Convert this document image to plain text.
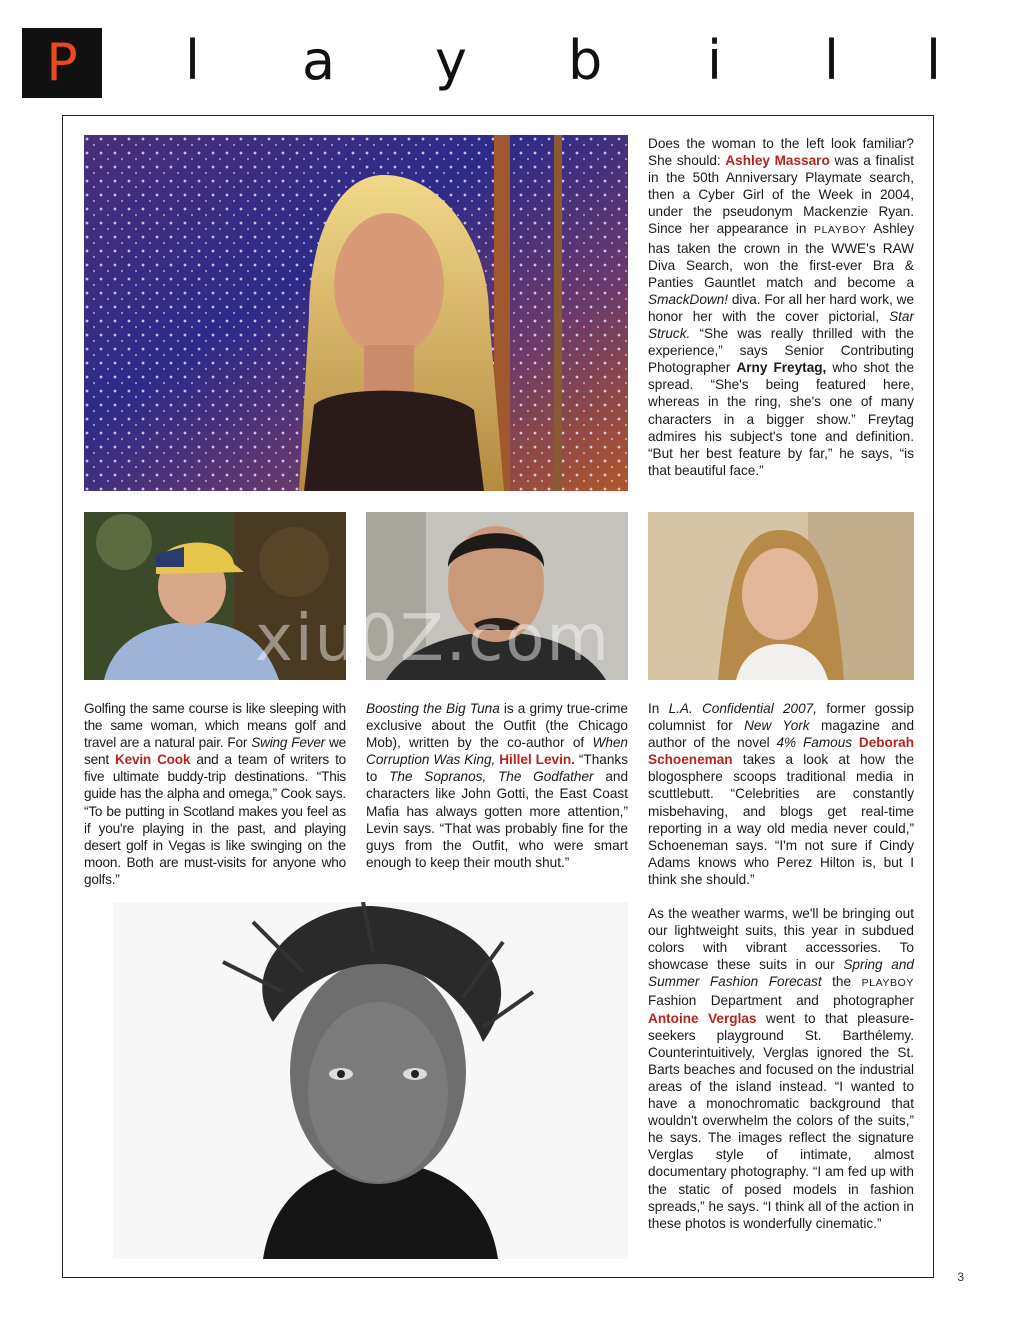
P l a y b i l l
Does the woman to the left look familiar? She should: Ashley Massaro was a finalist in the 50th Anniversary Playmate search, then a Cyber Girl of the Week in 2004, under the pseudonym Mackenzie Ryan. Since her appearance in PLAYBOY Ashley has taken the crown in the WWE's RAW Diva Search, won the first-ever Bra & Panties Gauntlet match and become a SmackDown! diva. For all her hard work, we honor her with the cover pictorial, Star Struck. “She was really thrilled with the experience,” says Senior Contributing Photographer Arny Freytag, who shot the spread. “She's being featured here, whereas in the ring, she's one of many characters in a bigger show.” Freytag admires his subject's tone and definition. “But her best feature by far,” he says, “is that beautiful face.”
xiu0Z.com
Golfing the same course is like sleeping with the same woman, which means golf and travel are a natural pair. For Swing Fever we sent Kevin Cook and a team of writers to five ultimate buddy-trip destinations. “This guide has the alpha and omega,” Cook says. “To be putting in Scotland makes you feel as if you're playing in the past, and playing desert golf in Vegas is like swinging on the moon. Both are must-visits for anyone who golfs.”
Boosting the Big Tuna is a grimy true-crime exclusive about the Outfit (the Chicago Mob), written by the co-author of When Corruption Was King, Hillel Levin. “Thanks to The Sopranos, The Godfather and characters like John Gotti, the East Coast Mafia has always gotten more attention,” Levin says. “That was probably fine for the guys from the Outfit, who were smart enough to keep their mouth shut.”
In L.A. Confidential 2007, former gossip columnist for New York magazine and author of the novel 4% Famous Deborah Schoeneman takes a look at how the blogosphere scoops traditional media in scuttlebutt. “Celebrities are constantly misbehaving, and blogs get real-time reporting in a way old media never could,” Schoeneman says. “I'm not sure if Cindy Adams knows who Perez Hilton is, but I think she should.”
As the weather warms, we'll be bringing out our lightweight suits, this year in subdued colors with vibrant accessories. To showcase these suits in our Spring and Summer Fashion Forecast the PLAYBOY Fashion Department and photographer Antoine Verglas went to that pleasure-seekers playground St. Barthélemy. Counterintuitively, Verglas ignored the St. Barts beaches and focused on the industrial areas of the island instead. “I wanted to have a monochromatic background that wouldn't overwhelm the colors of the suits,” he says. The images reflect the signature Verglas style of intimate, almost documentary photography. “I am fed up with the static of posed models in fashion spreads,” he says. “I think all of the action in these photos is wonderfully cinematic.”
3
